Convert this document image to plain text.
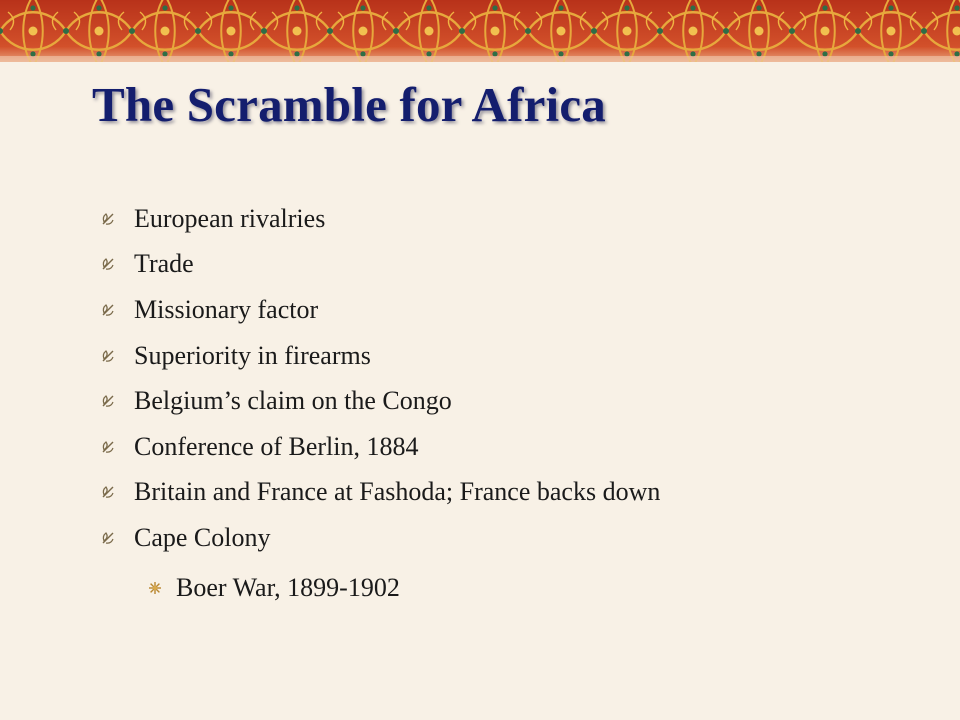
The Scramble for Africa
European rivalries
Trade
Missionary factor
Superiority in firearms
Belgium’s claim on the Congo
Conference of Berlin, 1884
Britain and France at Fashoda; France backs down
Cape Colony
Boer War, 1899-1902
